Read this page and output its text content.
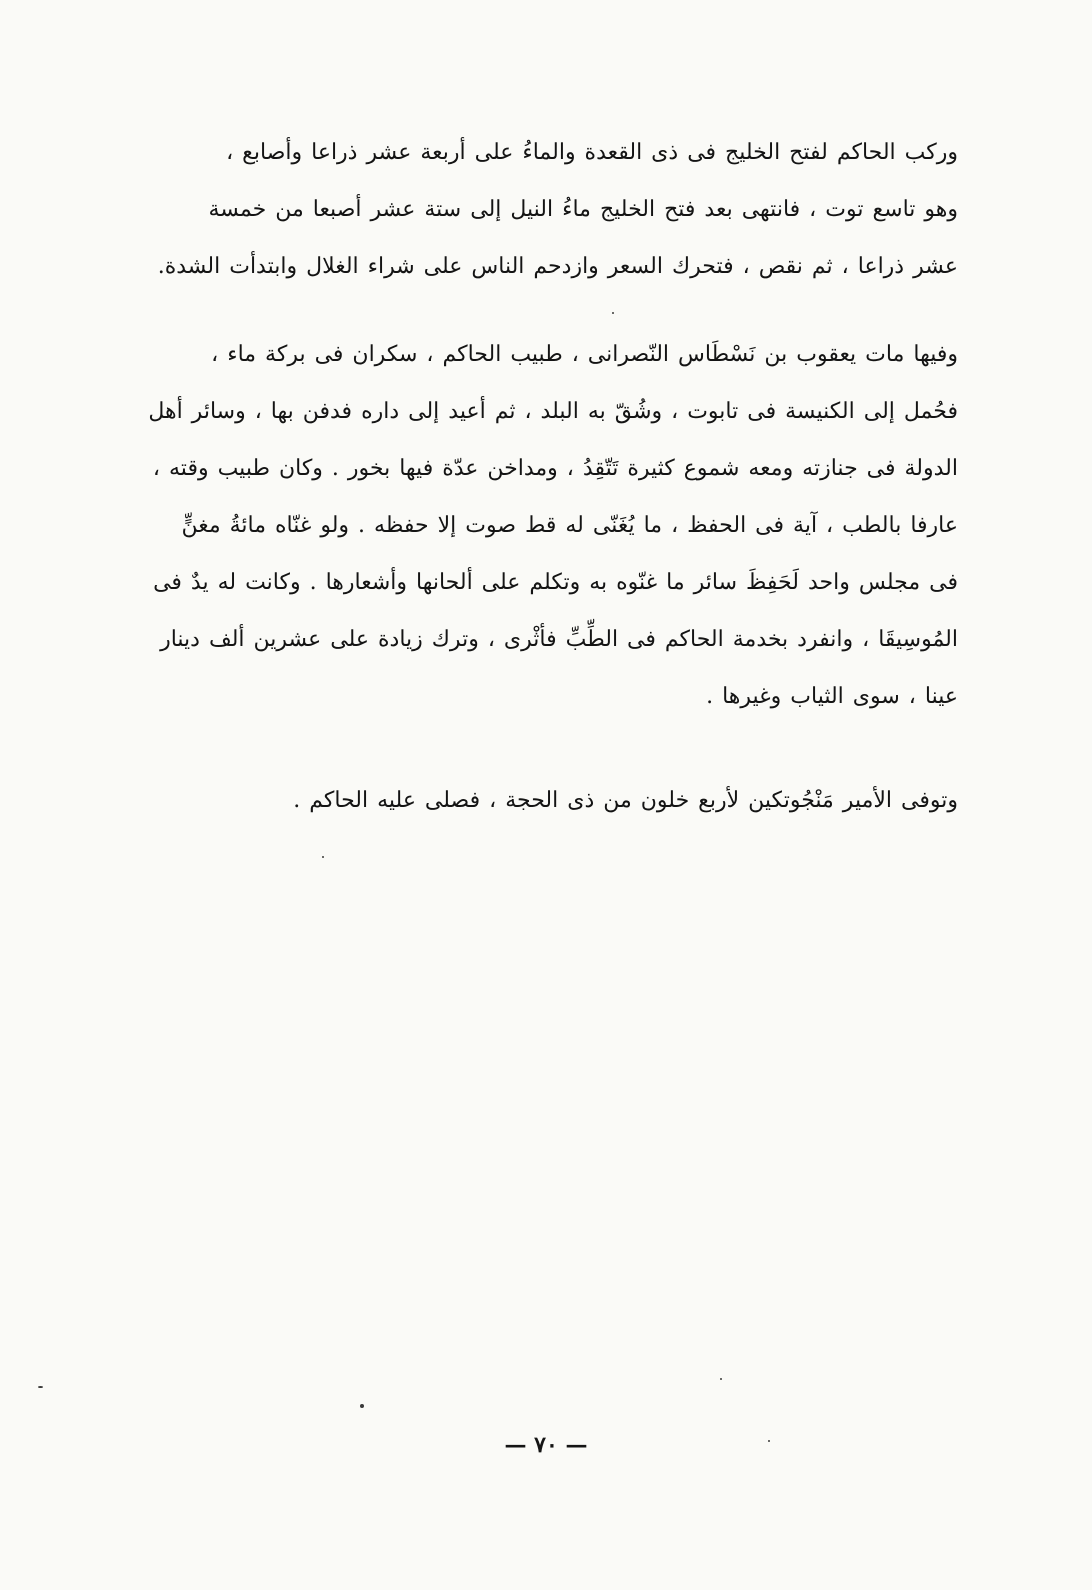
وركب الحاكم لفتح الخليج فى ذى القعدة والماءُ على أربعة عشر ذراعا وأصابع ،
وهو تاسع توت ، فانتهى بعد فتح الخليج ماءُ النيل إلى ستة عشر أصبعا من خمسة
عشر ذراعا ، ثم نقص ، فتحرك السعر وازدحم الناس على شراء الغلال وابتدأت الشدة.
وفيها مات يعقوب بن نَسْطَاس النّصرانى ، طبيب الحاكم ، سكران فى بركة ماء ،
فحُمل إلى الكنيسة فى تابوت ، وشُقّ به البلد ، ثم أعيد إلى داره فدفن بها ، وسائر أهل
الدولة فى جنازته ومعه شموع كثيرة تَتّقِدُ ، ومداخن عدّة فيها بخور . وكان طبيب وقته ،
عارفا بالطب ، آية فى الحفظ ، ما يُغَنّى له قط صوت إلا حفظه . ولو غنّاه مائةُ مغنٍّ
فى مجلس واحد لَحَفِظَ سائر ما غنّوه به وتكلم على ألحانها وأشعارها . وكانت له يدٌ فى
المُوسِيقَا ، وانفرد بخدمة الحاكم فى الطِّبِّ فأثْرى ، وترك زيادة على عشرين ألف دينار
عينا ، سوى الثياب وغيرها .
وتوفى الأمير مَنْجُوتكين لأربع خلون من ذى الحجة ، فصلى عليه الحاكم .
— ٧٠ —
